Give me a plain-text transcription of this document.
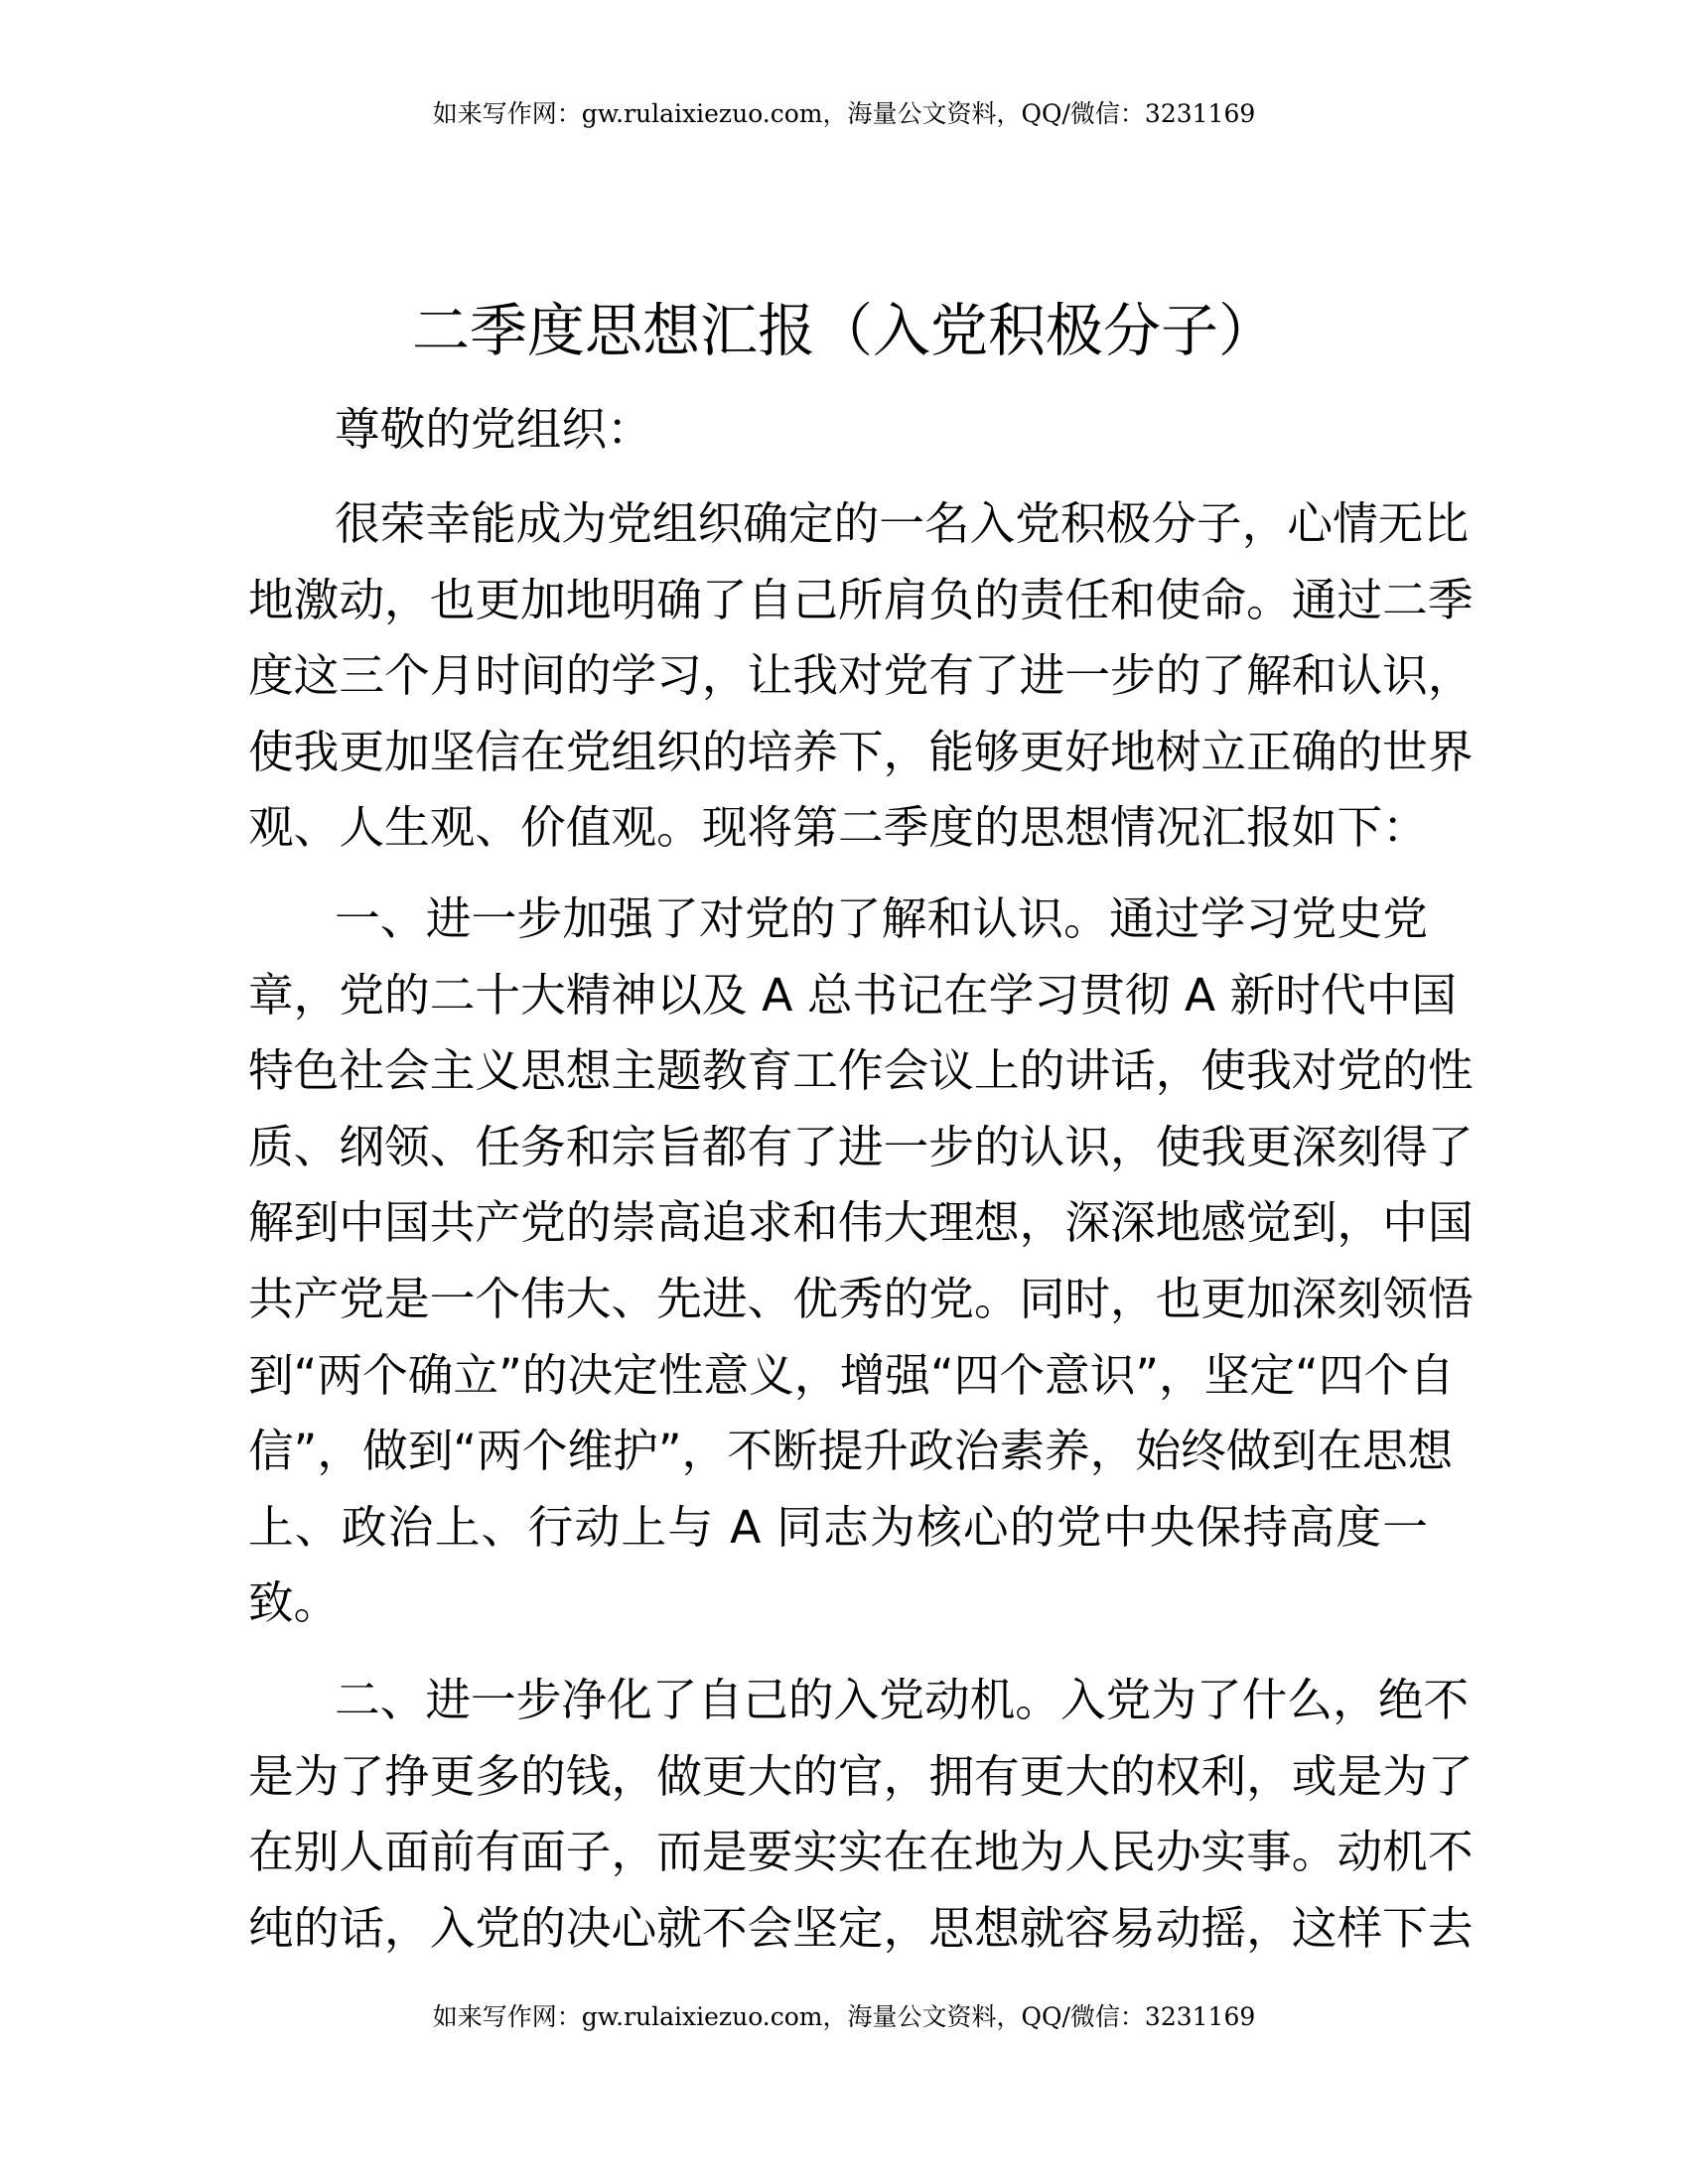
如来写作网：gw.rulaixiezuo.com，海量公文资料，QQ/微信：3231169
二季度思想汇报（入党积极分子）
尊敬的党组织：
很荣幸能成为党组织确定的一名入党积极分子，心情无比
地激动，也更加地明确了自己所肩负的责任和使命。通过二季
度这三个月时间的学习，让我对党有了进一步的了解和认识，
使我更加坚信在党组织的培养下，能够更好地树立正确的世界
观、人生观、价值观。现将第二季度的思想情况汇报如下：
一、进一步加强了对党的了解和认识。通过学习党史党
章，党的二十大精神以及 A 总书记在学习贯彻 A 新时代中国
特色社会主义思想主题教育工作会议上的讲话，使我对党的性
质、纲领、任务和宗旨都有了进一步的认识，使我更深刻得了
解到中国共产党的崇高追求和伟大理想，深深地感觉到，中国
共产党是一个伟大、先进、优秀的党。同时，也更加深刻领悟
到“两个确立”的决定性意义，增强“四个意识”，坚定“四个自
信”，做到“两个维护”，不断提升政治素养，始终做到在思想
上、政治上、行动上与 A 同志为核心的党中央保持高度一
致。
二、进一步净化了自己的入党动机。入党为了什么，绝不
是为了挣更多的钱，做更大的官，拥有更大的权利，或是为了
在别人面前有面子，而是要实实在在地为人民办实事。动机不
纯的话，入党的决心就不会坚定，思想就容易动摇，这样下去
如来写作网：gw.rulaixiezuo.com，海量公文资料，QQ/微信：3231169
